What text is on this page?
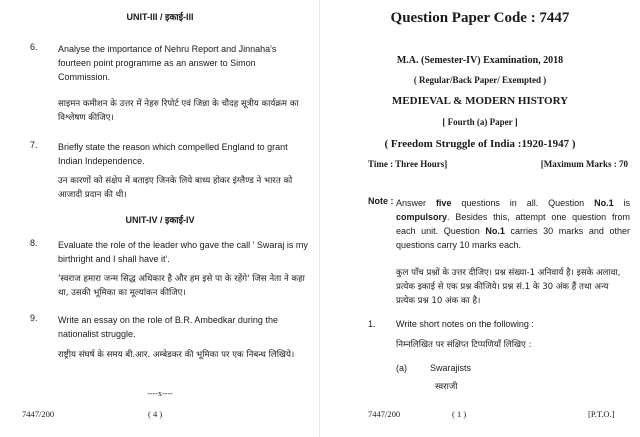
UNIT-III / इकाई-III
6. Analyse the importance of Nehru Report and Jinnaha's fourteen point programme as an answer to Simon Commission.
साइमन कमीशन के उत्तर में नेहरु रिपोर्ट एवं जिन्ना के चौदह सूत्रीय कार्यक्रम का विश्लेषण कीजिए।
7. Briefly state the reason which compelled England to grant Indian Independence.
उन कारणों को संक्षेप में बताइए जिनके लिये बाध्य होकर इंग्लैण्ड ने भारत को आजादी प्रदान की थी।
UNIT-IV / इकाई-IV
8. Evaluate the role of the leader who gave the call ' Swaraj is my birthright and I shall have it'.
'स्वराज हमारा जन्म सिद्ध अधिकार है और हम इसे पा के रहेंगे' जिस नेता ने कहा था, उसकी भूमिका का मूल्यांकन कीजिए।
9. Write an essay on the role of B.R. Ambedkar during the nationalist struggle.
राष्ट्रीय संघर्ष के समय बी.आर. अम्बेडकर की भूमिका पर एक निबन्ध लिखिये।
----x----
7447/200	( 4 )
Question Paper Code : 7447
M.A. (Semester-IV) Examination, 2018
( Regular/Back Paper/ Exempted )
MEDIEVAL & MODERN HISTORY
[ Fourth (a) Paper ]
( Freedom Struggle of India :1920-1947 )
Time : Three Hours]	[Maximum Marks : 70
Note : Answer five questions in all. Question No.1 is compulsory. Besides this, attempt one question from each unit. Question No.1 carries 30 marks and other questions carry 10 marks each.
कुल पाँच प्रश्नों के उत्तर दीजिए। प्रश्न संख्या-1 अनिवार्य है। इसके अलावा, प्रत्येक इकाई से एक प्रश्न कीजिये। प्रश्न सं.1 के 30 अंक हैं तथा अन्य प्रत्येक प्रश्न 10 अंक का है।
1. Write short notes on the following :
निम्नलिखित पर संक्षिप्त टिप्पणियाँ लिखिए :
(a)	Swarajists
स्वराजी
7447/200	( 1 )	[P.T.O.]
